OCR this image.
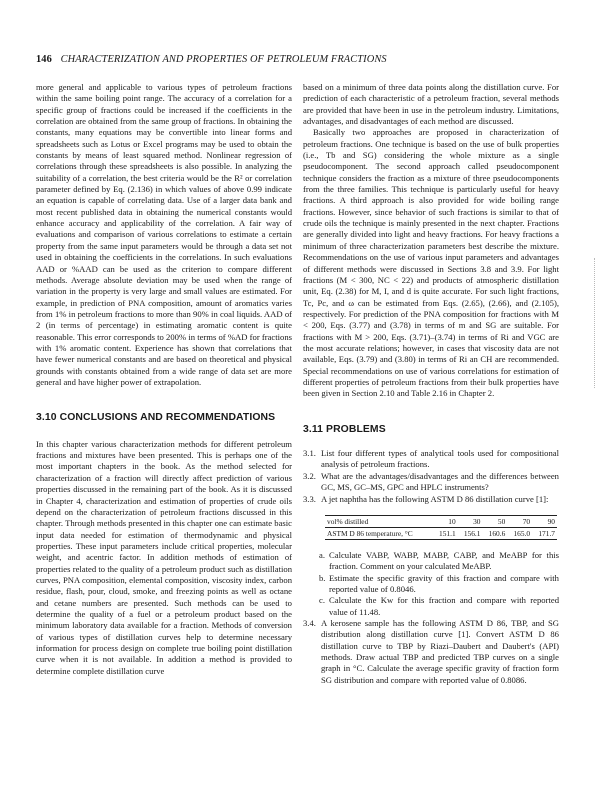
146 CHARACTERIZATION AND PROPERTIES OF PETROLEUM FRACTIONS

more general and applicable to various types of petroleum fractions within the same boiling point range. The accuracy of a correlation for a specific group of fractions could be increased if the coefficients in the correlation are obtained from the same group of fractions. In obtaining the constants, many equations may be convertible into linear forms and spreadsheets such as Lotus or Excel programs may be used to obtain the constants by means of least squared method. Nonlinear regression of correlations through these spreadsheets is also possible. In analyzing the suitability of a correlation, the best criteria would be the R² or correlation parameter defined by Eq. (2.136) in which values of above 0.99 indicate an equation is capable of correlating data. Use of a larger data bank and most recent published data in obtaining the numerical constants would enhance accuracy and applicability of the correlation. A fair way of evaluations and comparison of various correlations to estimate a certain property from the same input parameters would be through a data set not used in obtaining the coefficients in the correlations. In such evaluations AAD or %AAD can be used as the criterion to compare different methods. Average absolute deviation may be used when the range of variation in the property is very large and small values are estimated. For example, in prediction of PNA composition, amount of aromatics varies from 1% in petroleum fractions to more than 90% in coal liquids. AAD of 2 (in terms of percentage) in estimating aromatic content is quite reasonable. This error corresponds to 200% in terms of %AD for fractions with 1% aromatic content. Experience has shown that correlations that have fewer numerical constants and are based on theoretical and physical grounds with constants obtained from a wide range of data set are more general and have higher power of extrapolation.

3.10 CONCLUSIONS AND RECOMMENDATIONS

In this chapter various characterization methods for different petroleum fractions and mixtures have been presented. This is perhaps one of the most important chapters in the book. As the method selected for characterization of a fraction will directly affect prediction of various properties discussed in the remaining part of the book. As it is discussed in Chapter 4, characterization and estimation of properties of crude oils depend on the characterization of petroleum fractions discussed in this chapter. Through methods presented in this chapter one can estimate basic input data needed for estimation of thermodynamic and physical properties. These input parameters include critical properties, molecular weight, and acentric factor. In addition methods of estimation of properties related to the quality of a petroleum product such as distillation curves, PNA composition, elemental composition, viscosity index, carbon residue, flash, pour, cloud, smoke, and freezing points as well as octane and cetane numbers are presented. Such methods can be used to determine the quality of a fuel or a petroleum product based on the minimum laboratory data available for a fraction. Methods of conversion of various types of distillation curves help to determine necessary information for process design on complete true boiling point distillation curve when it is not available. In addition a method is provided to determine complete distillation curve

based on a minimum of three data points along the distillation curve. For prediction of each characteristic of a petroleum fraction, several methods are provided that have been in use in the petroleum industry. Limitations, advantages, and disadvantages of each method are discussed.

Basically two approaches are proposed in characterization of petroleum fractions. One technique is based on the use of bulk properties (i.e., Tb and SG) considering the whole mixture as a single pseudocomponent. The second approach called pseudocomponent technique considers the fraction as a mixture of three pseudocomponents from the three families. This technique is particularly useful for heavy fractions. A third approach is also provided for wide boiling range fractions. However, since behavior of such fractions is similar to that of crude oils the technique is mainly presented in the next chapter. Fractions are generally divided into light and heavy fractions. For heavy fractions a minimum of three characterization parameters best describe the mixture. Recommendations on the use of various input parameters and advantages of different methods were discussed in Sections 3.8 and 3.9. For light fractions (M < 300, NC < 22) and products of atmospheric distillation unit, Eq. (2.38) for M, I, and d is quite accurate. For such light fractions, Tc, Pc, and ω can be estimated from Eqs. (2.65), (2.66), and (2.105), respectively. For prediction of the PNA composition for fractions with M < 200, Eqs. (3.77) and (3.78) in terms of m and SG are suitable. For fractions with M > 200, Eqs. (3.71)–(3.74) in terms of Ri and VGC are the most accurate relations; however, in cases that viscosity data are not available, Eqs. (3.79) and (3.80) in terms of Ri an CH are recommended. Special recommendations on use of various correlations for estimation of different properties of petroleum fractions from their bulk properties have been given in Section 2.10 and Table 2.16 in Chapter 2.

3.11 PROBLEMS
3.1. List four different types of analytical tools used for compositional analysis of petroleum fractions.
3.2. What are the advantages/disadvantages and the differences between GC, MS, GC–MS, GPC and HPLC instruments?
3.3. A jet naphtha has the following ASTM D 86 distillation curve [1]:
vol% distilled	10	30	50	70	90
ASTM D 86 temperature, °C	151.1	156.1	160.6	165.0	171.7
a. Calculate VABP, WABP, MABP, CABP, and MeABP for this fraction. Comment on your calculated MeABP.
b. Estimate the specific gravity of this fraction and compare with reported value of 0.8046.
c. Calculate the Kw for this fraction and compare with reported value of 11.48.
3.4. A kerosene sample has the following ASTM D 86, TBP, and SG distribution along distillation curve [1]. Convert ASTM D 86 distillation curve to TBP by Riazi–Daubert and Daubert's (API) methods. Draw actual TBP and predicted TBP curves on a single graph in °C. Calculate the average specific gravity of fraction form SG distribution and compare with reported value of 0.8086.
